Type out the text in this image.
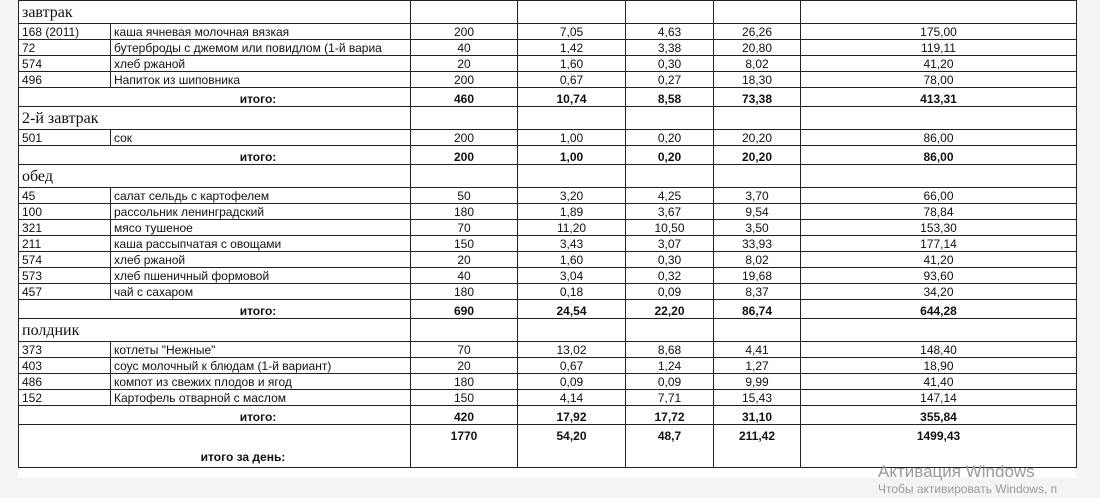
завтрак						
168 (2011)	каша ячневая молочная вязкая	200	7,05	4,63	26,26	175,00
72	бутерброды с джемом или повидлом (1-й вариа	40	1,42	3,38	20,80	119,11
574	хлеб ржаной	20	1,60	0,30	8,02	41,20
496	Напиток из шиповника	200	0,67	0,27	18,30	78,00
итого:		460	10,74	8,58	73,38	413,31
2-й завтрак						
501	сок	200	1,00	0,20	20,20	86,00
итого:		200	1,00	0,20	20,20	86,00
обед						
45	салат сельдь с картофелем	50	3,20	4,25	3,70	66,00
100	рассольник ленинградский	180	1,89	3,67	9,54	78,84
321	мясо тушеное	70	11,20	10,50	3,50	153,30
211	каша рассыпчатая с овощами	150	3,43	3,07	33,93	177,14
574	хлеб ржаной	20	1,60	0,30	8,02	41,20
573	хлеб пшеничный формовой	40	3,04	0,32	19,68	93,60
457	чай с сахаром	180	0,18	0,09	8,37	34,20
итого:		690	24,54	22,20	86,74	644,28
полдник						
373	котлеты "Нежные"	70	13,02	8,68	4,41	148,40
403	соус молочный к блюдам (1-й вариант)	20	0,67	1,24	1,27	18,90
486	компот из свежих плодов и ягод	180	0,09	0,09	9,99	41,40
152	Картофель отварной с маслом	150	4,14	7,71	15,43	147,14
итого:		420	17,92	17,72	31,10	355,84
итого за день:		1770	54,20	48,7	211,42	1499,43
Активация Windows
Чтобы активировать Windows, п
